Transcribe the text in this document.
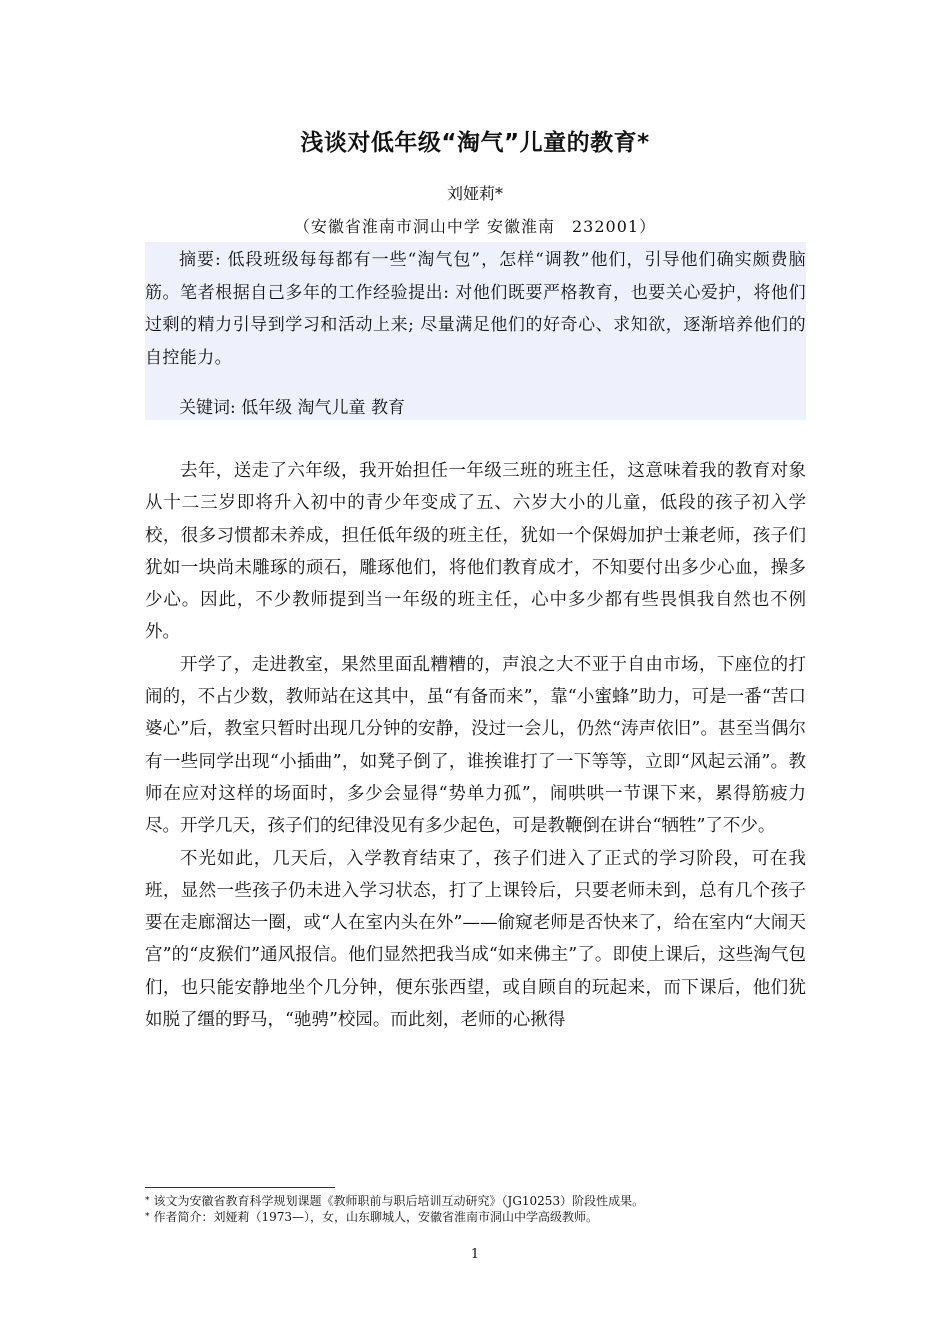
浅谈对低年级“淘气”儿童的教育*
刘娅莉*
（安徽省淮南市洞山中学 安徽淮南　232001）

摘要: 低段班级每每都有一些“淘气包”，怎样“调教”他们，引导他们确实颇费脑筋。笔者根据自己多年的工作经验提出: 对他们既要严格教育，也要关心爱护，将他们过剩的精力引导到学习和活动上来; 尽量满足他们的好奇心、求知欲，逐渐培养他们的自控能力。

关键词: 低年级 淘气儿童 教育

去年，送走了六年级，我开始担任一年级三班的班主任，这意味着我的教育对象从十二三岁即将升入初中的青少年变成了五、六岁大小的儿童，低段的孩子初入学校，很多习惯都未养成，担任低年级的班主任，犹如一个保姆加护士兼老师，孩子们犹如一块尚未雕琢的顽石，雕琢他们，将他们教育成才，不知要付出多少心血，操多少心。因此，不少教师提到当一年级的班主任，心中多少都有些畏惧我自然也不例外。

开学了，走进教室，果然里面乱糟糟的，声浪之大不亚于自由市场，下座位的打闹的，不占少数，教师站在这其中，虽“有备而来”，靠“小蜜蜂”助力，可是一番“苦口婆心”后，教室只暂时出现几分钟的安静，没过一会儿，仍然“涛声依旧”。甚至当偶尔有一些同学出现“小插曲”，如凳子倒了，谁挨谁打了一下等等，立即“风起云涌”。教师在应对这样的场面时，多少会显得“势单力孤”，闹哄哄一节课下来，累得筋疲力尽。开学几天，孩子们的纪律没见有多少起色，可是教鞭倒在讲台“牺牲”了不少。

不光如此，几天后，入学教育结束了，孩子们进入了正式的学习阶段，可在我班，显然一些孩子仍未进入学习状态，打了上课铃后，只要老师未到，总有几个孩子要在走廊溜达一圈，或“人在室内头在外”——偷窥老师是否快来了，给在室内“大闹天宫”的“皮猴们”通风报信。他们显然把我当成“如来佛主”了。即使上课后，这些淘气包们，也只能安静地坐个几分钟，便东张西望，或自顾自的玩起来，而下课后，他们犹如脱了缰的野马，“驰骋”校园。而此刻，老师的心揪得

* 该文为安徽省教育科学规划课题《教师职前与职后培训互动研究》（JG10253）阶段性成果。
* 作者简介：刘娅莉（1973—），女，山东聊城人，安徽省淮南市洞山中学高级教师。
1
